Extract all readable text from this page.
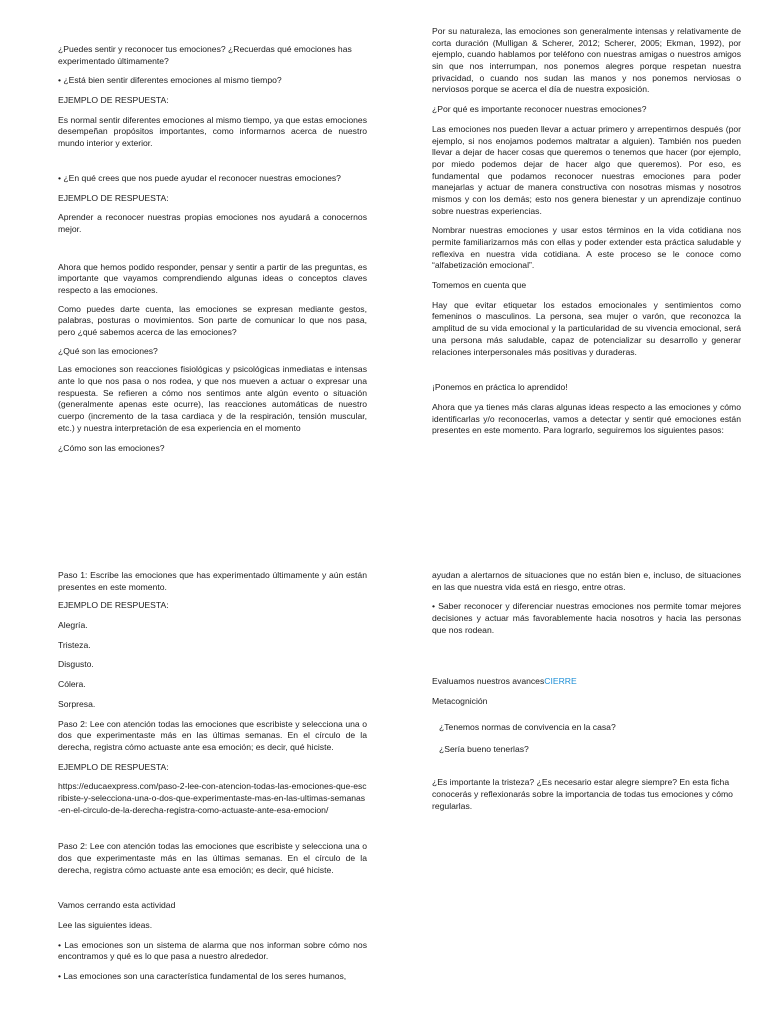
¿Puedes sentir y reconocer tus emociones? ¿Recuerdas qué emociones has experimentado últimamente?

• ¿Está bien sentir diferentes emociones al mismo tiempo?

EJEMPLO DE RESPUESTA:

Es normal sentir diferentes emociones al mismo tiempo, ya que estas emociones desempeñan propósitos importantes, como informarnos acerca de nuestro mundo interior y exterior.

• ¿En qué crees que nos puede ayudar el reconocer nuestras emociones?

EJEMPLO DE RESPUESTA:

Aprender a reconocer nuestras propias emociones nos ayudará a conocernos mejor.

Ahora que hemos podido responder, pensar y sentir a partir de las preguntas, es importante que vayamos comprendiendo algunas ideas o conceptos claves respecto a las emociones.

Como puedes darte cuenta, las emociones se expresan mediante gestos, palabras, posturas o movimientos. Son parte de comunicar lo que nos pasa, pero ¿qué sabemos acerca de las emociones?

¿Qué son las emociones?

Las emociones son reacciones fisiológicas y psicológicas inmediatas e intensas ante lo que nos pasa o nos rodea, y que nos mueven a actuar o expresar una respuesta. Se refieren a cómo nos sentimos ante algún evento o situación (generalmente apenas este ocurre), las reacciones automáticas de nuestro cuerpo (incremento de la tasa cardiaca y de la respiración, tensión muscular, etc.) y nuestra interpretación de esa experiencia en el momento

¿Cómo son las emociones?

Por su naturaleza, las emociones son generalmente intensas y relativamente de corta duración (Mulligan & Scherer, 2012; Scherer, 2005; Ekman, 1992), por ejemplo, cuando hablamos por teléfono con nuestras amigas o nuestros amigos sin que nos interrumpan, nos ponemos alegres porque respetan nuestra privacidad, o cuando nos sudan las manos y nos ponemos nerviosas o nerviosos porque se acerca el día de nuestra exposición.

¿Por qué es importante reconocer nuestras emociones?

Las emociones nos pueden llevar a actuar primero y arrepentirnos después (por ejemplo, si nos enojamos podemos maltratar a alguien). También nos pueden llevar a dejar de hacer cosas que queremos o tenemos que hacer (por ejemplo, por miedo podemos dejar de hacer algo que queremos). Por eso, es fundamental que podamos reconocer nuestras emociones para poder manejarlas y actuar de manera constructiva con nosotras mismas y nosotros mismos y con los demás; esto nos genera bienestar y un aprendizaje continuo sobre nuestras experiencias.

Nombrar nuestras emociones y usar estos términos en la vida cotidiana nos permite familiarizarnos más con ellas y poder extender esta práctica saludable y reflexiva en nuestra vida cotidiana. A este proceso se le conoce como “alfabetización emocional”.

Tomemos en cuenta que

Hay que evitar etiquetar los estados emocionales y sentimientos como femeninos o masculinos. La persona, sea mujer o varón, que reconozca la amplitud de su vida emocional y la particularidad de su vivencia emocional, será una persona más saludable, capaz de potencializar su desarrollo y generar relaciones interpersonales más positivas y duraderas.

¡Ponemos en práctica lo aprendido!

Ahora que ya tienes más claras algunas ideas respecto a las emociones y cómo identificarlas y/o reconocerlas, vamos a detectar y sentir qué emociones están presentes en este momento. Para lograrlo, seguiremos los siguientes pasos:

Paso 1: Escribe las emociones que has experimentado últimamente y aún están presentes en este momento.

EJEMPLO DE RESPUESTA:

Alegría.

Tristeza.

Disgusto.

Cólera.

Sorpresa.

Paso 2: Lee con atención todas las emociones que escribiste y selecciona una o dos que experimentaste más en las últimas semanas. En el círculo de la derecha, registra cómo actuaste ante esa emoción; es decir, qué hiciste.

EJEMPLO DE RESPUESTA:

https://educaexpress.com/paso-2-lee-con-atencion-todas-las-emociones-que-escribiste-y-selecciona-una-o-dos-que-experimentaste-mas-en-las-ultimas-semanas-en-el-circulo-de-la-derecha-registra-como-actuaste-ante-esa-emocion/

Paso 2: Lee con atención todas las emociones que escribiste y selecciona una o dos que experimentaste más en las últimas semanas. En el círculo de la derecha, registra cómo actuaste ante esa emoción; es decir, qué hiciste.

Vamos cerrando esta actividad

Lee las siguientes ideas.

• Las emociones son un sistema de alarma que nos informan sobre cómo nos encontramos y qué es lo que pasa a nuestro alrededor.

• Las emociones son una característica fundamental de los seres humanos,

ayudan a alertarnos de situaciones que no están bien e, incluso, de situaciones en las que nuestra vida está en riesgo, entre otras.

• Saber reconocer y diferenciar nuestras emociones nos permite tomar mejores decisiones y actuar más favorablemente hacia nosotros y hacia las personas que nos rodean.

Evaluamos nuestros avancesCIERRE

Metacognición

¿Tenemos normas de convivencia en la casa?

¿Sería bueno tenerlas?

¿Es importante la tristeza? ¿Es necesario estar alegre siempre? En esta ficha conocerás y reflexionarás sobre la importancia de todas tus emociones y cómo regularlas.
